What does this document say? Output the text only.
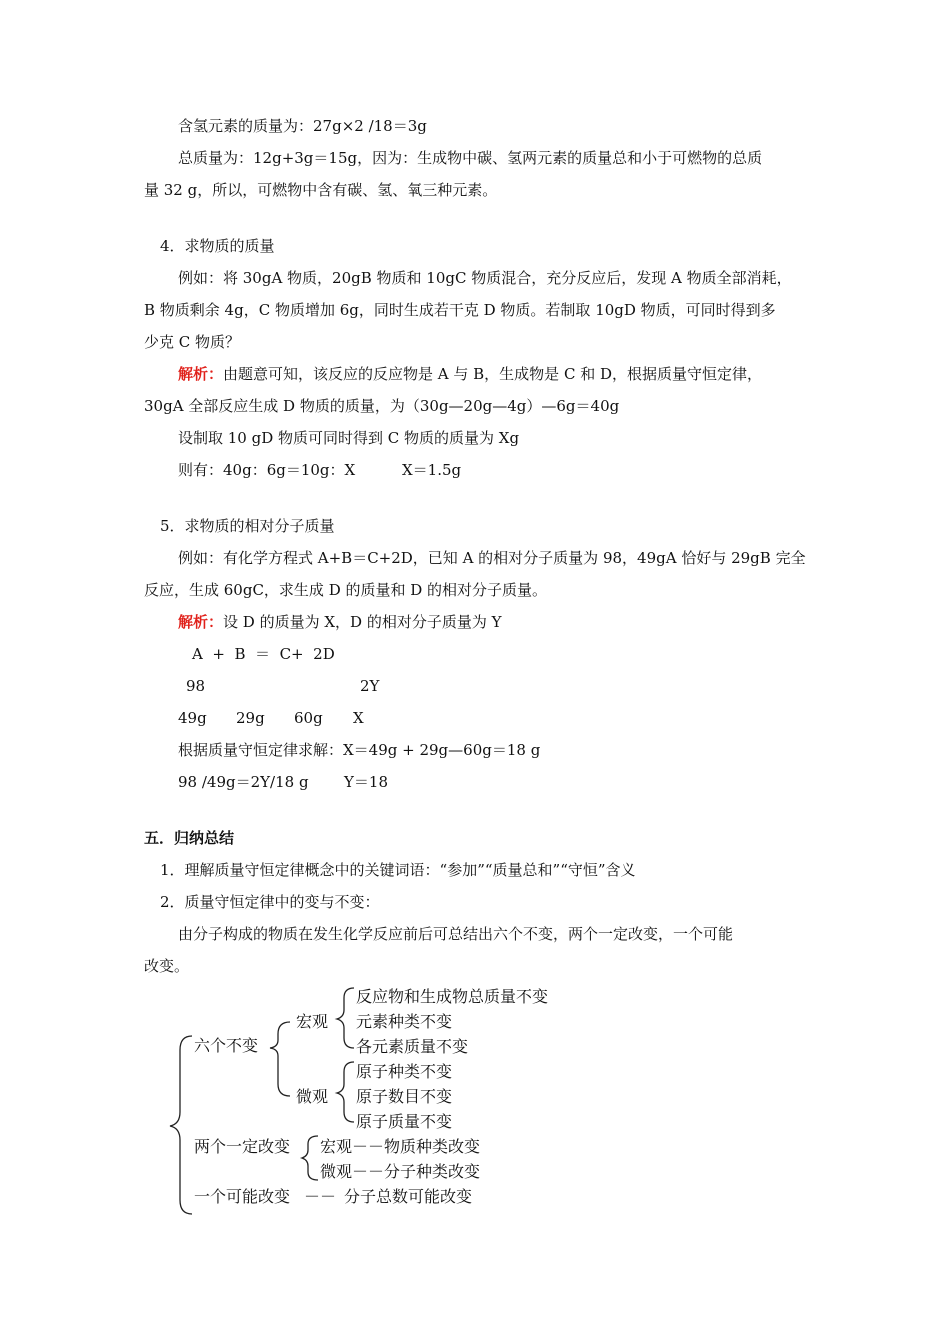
含氢元素的质量为：27g×2 /18＝3g
总质量为：12g+3g＝15g，因为：生成物中碳、氢两元素的质量总和小于可燃物的总质
量 32 g，所以，可燃物中含有碳、氢、氧三种元素。
4．求物质的质量
例如：将 30gA 物质，20gB 物质和 10gC 物质混合，充分反应后，发现 A 物质全部消耗，
B 物质剩余 4g，C 物质增加 6g，同时生成若干克 D 物质。若制取 10gD 物质，可同时得到多
少克 C 物质？
解析：由题意可知，该反应的反应物是 A 与 B，生成物是 C 和 D，根据质量守恒定律，
30gA 全部反应生成 D 物质的质量，为（30g—20g—4g）—6g＝40g
设制取 10 gD 物质可同时得到 C 物质的质量为 Xg
则有：40g：6g＝10g：X	X＝1.5g
5．求物质的相对分子质量
例如：有化学方程式 A+B＝C+2D，已知 A 的相对分子质量为 98，49gA 恰好与 29gB 完全
反应，生成 60gC，求生成 D 的质量和 D 的相对分子质量。
解析：设 D 的质量为 X，D 的相对分子质量为 Y
A  +  B  ＝  C+  2D
98	2Y
49g 29g 60g X
根据质量守恒定律求解：X＝49g + 29g—60g＝18 g
98 /49g＝2Y/18 g Y＝18
五．归纳总结
1．理解质量守恒定律概念中的关键词语：“参加”“质量总和”“守恒”含义
2．质量守恒定律中的变与不变：
由分子构成的物质在发生化学反应前后可总结出六个不变，两个一定改变，一个可能
改变。
六个不变
宏观
反应物和生成物总质量不变
元素种类不变
各元素质量不变
微观
原子种类不变
原子数目不变
原子质量不变
两个一定改变 宏观－－物质种类改变
微观－－分子种类改变
一个可能改变 －－ 分子总数可能改变
